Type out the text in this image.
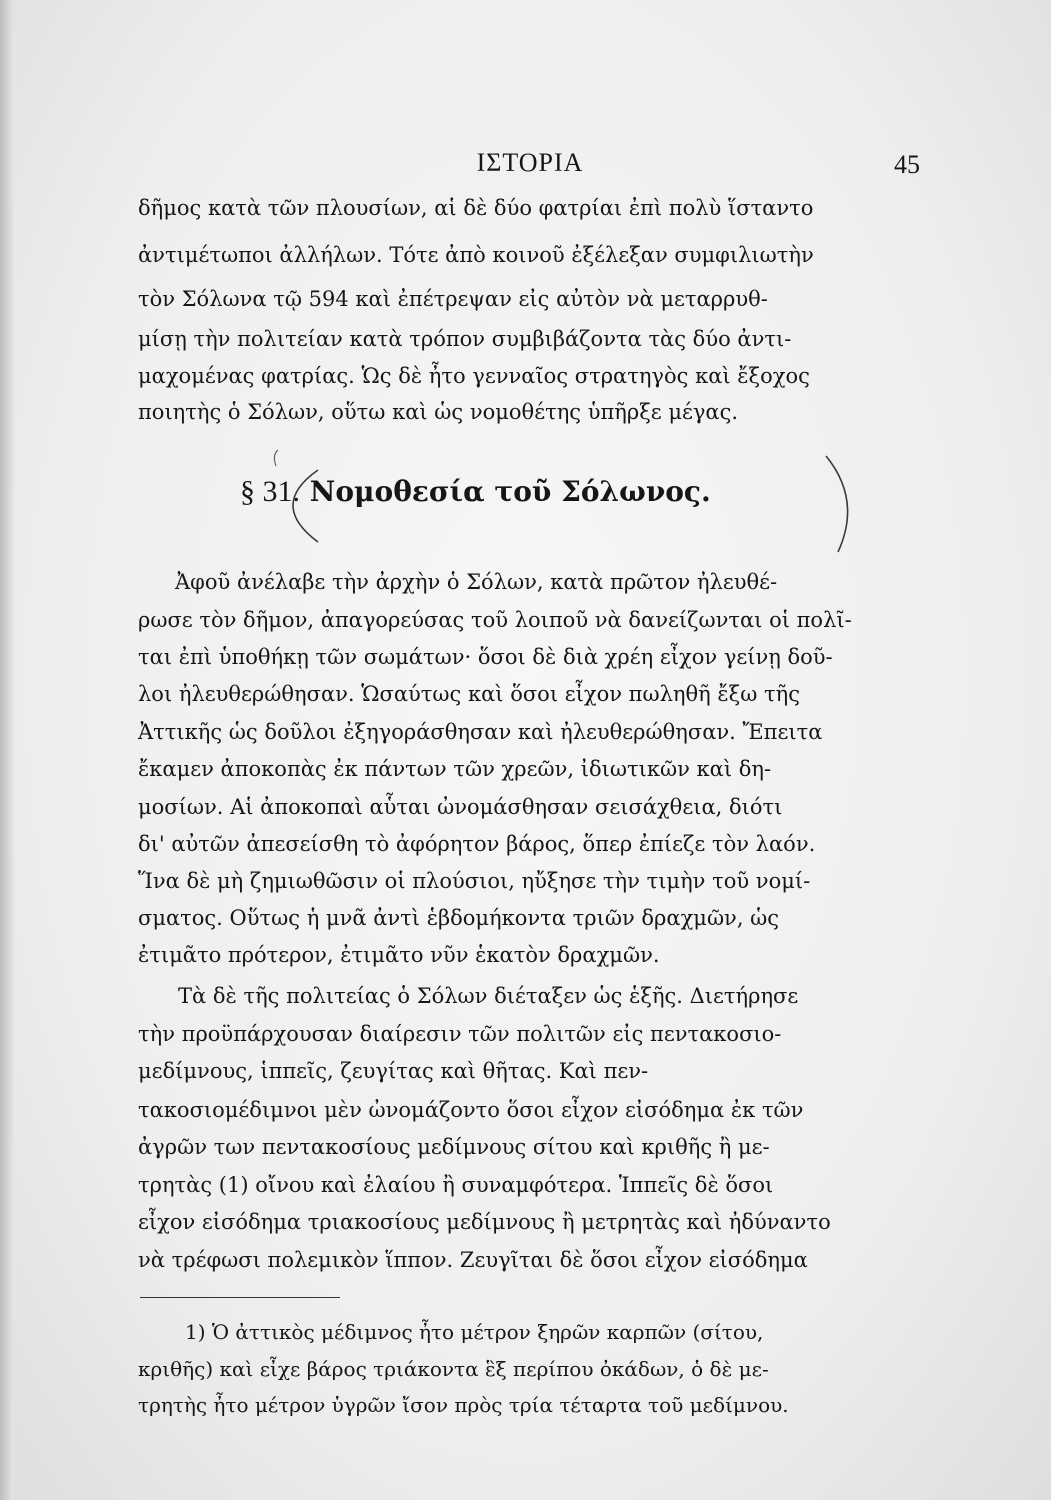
ΙΣΤΟΡΙΑ	45
δῆμος κατὰ τῶν πλουσίων, αἱ δὲ δύο φατρίαι ἐπὶ πολὺ ἵσταντο
ἀντιμέτωποι ἀλλήλων. Τότε ἀπὸ κοινοῦ ἐξέλεξαν συμφιλιωτὴν
τὸν Σόλωνα τῷ 594 καὶ ἐπέτρεψαν εἰς αὐτὸν νὰ μεταρρυθ-
μίσῃ τὴν πολιτείαν κατὰ τρόπον συμβιβάζοντα τὰς δύο ἀντι-
μαχομένας φατρίας. Ὡς δὲ ἦτο γενναῖος στρατηγὸς καὶ ἔξοχος
ποιητὴς ὁ Σόλων, οὕτω καὶ ὡς νομοθέτης ὑπῆρξε μέγας.
§ 31. Νομοθεσία τοῦ Σόλωνος.
Ἀφοῦ ἀνέλαβε τὴν ἀρχὴν ὁ Σόλων, κατὰ πρῶτον ἠλευθέ-
ρωσε τὸν δῆμον, ἀπαγορεύσας τοῦ λοιποῦ νὰ δανείζωνται οἱ πολῖ-
ται ἐπὶ ὑποθήκῃ τῶν σωμάτων· ὅσοι δὲ διὰ χρέη εἶχον γείνῃ δοῦ-
λοι ἠλευθερώθησαν. Ὡσαύτως καὶ ὅσοι εἶχον πωληθῆ ἔξω τῆς
Ἀττικῆς ὡς δοῦλοι ἐξηγοράσθησαν καὶ ἠλευθερώθησαν. Ἔπειτα
ἔκαμεν ἀποκοπὰς ἐκ πάντων τῶν χρεῶν, ἰδιωτικῶν καὶ δη-
μοσίων. Αἱ ἀποκοπαὶ αὗται ὠνομάσθησαν σεισάχθεια, διότι
δι' αὐτῶν ἀπεσείσθη τὸ ἀφόρητον βάρος, ὅπερ ἐπίεζε τὸν λαόν.
Ἵνα δὲ μὴ ζημιωθῶσιν οἱ πλούσιοι, ηὔξησε τὴν τιμὴν τοῦ νομί-
σματος. Οὕτως ἡ μνᾶ ἀντὶ ἑβδομήκοντα τριῶν δραχμῶν, ὡς
ἐτιμᾶτο πρότερον, ἐτιμᾶτο νῦν ἑκατὸν δραχμῶν.
Τὰ δὲ τῆς πολιτείας ὁ Σόλων διέταξεν ὡς ἑξῆς. Διετήρησε
τὴν προϋπάρχουσαν διαίρεσιν τῶν πολιτῶν εἰς πεντακοσιο-
μεδίμνους, ἱππεῖς, ζευγίτας καὶ θῆτας. Καὶ πεν-
τακοσιομέδιμνοι μὲν ὠνομάζοντο ὅσοι εἶχον εἰσόδημα ἐκ τῶν
ἀγρῶν των πεντακοσίους μεδίμνους σίτου καὶ κριθῆς ἢ με-
τρητὰς (1) οἴνου καὶ ἐλαίου ἢ συναμφότερα. Ἱππεῖς δὲ ὅσοι
εἶχον εἰσόδημα τριακοσίους μεδίμνους ἢ μετρητὰς καὶ ἠδύναντο
νὰ τρέφωσι πολεμικὸν ἵππον. Ζευγῖται δὲ ὅσοι εἶχον εἰσόδημα
1) Ὁ ἀττικὸς μέδιμνος ἦτο μέτρον ξηρῶν καρπῶν (σίτου,
κριθῆς) καὶ εἶχε βάρος τριάκοντα ἓξ περίπου ὀκάδων, ὁ δὲ με-
τρητὴς ἦτο μέτρον ὑγρῶν ἴσον πρὸς τρία τέταρτα τοῦ μεδίμνου.
